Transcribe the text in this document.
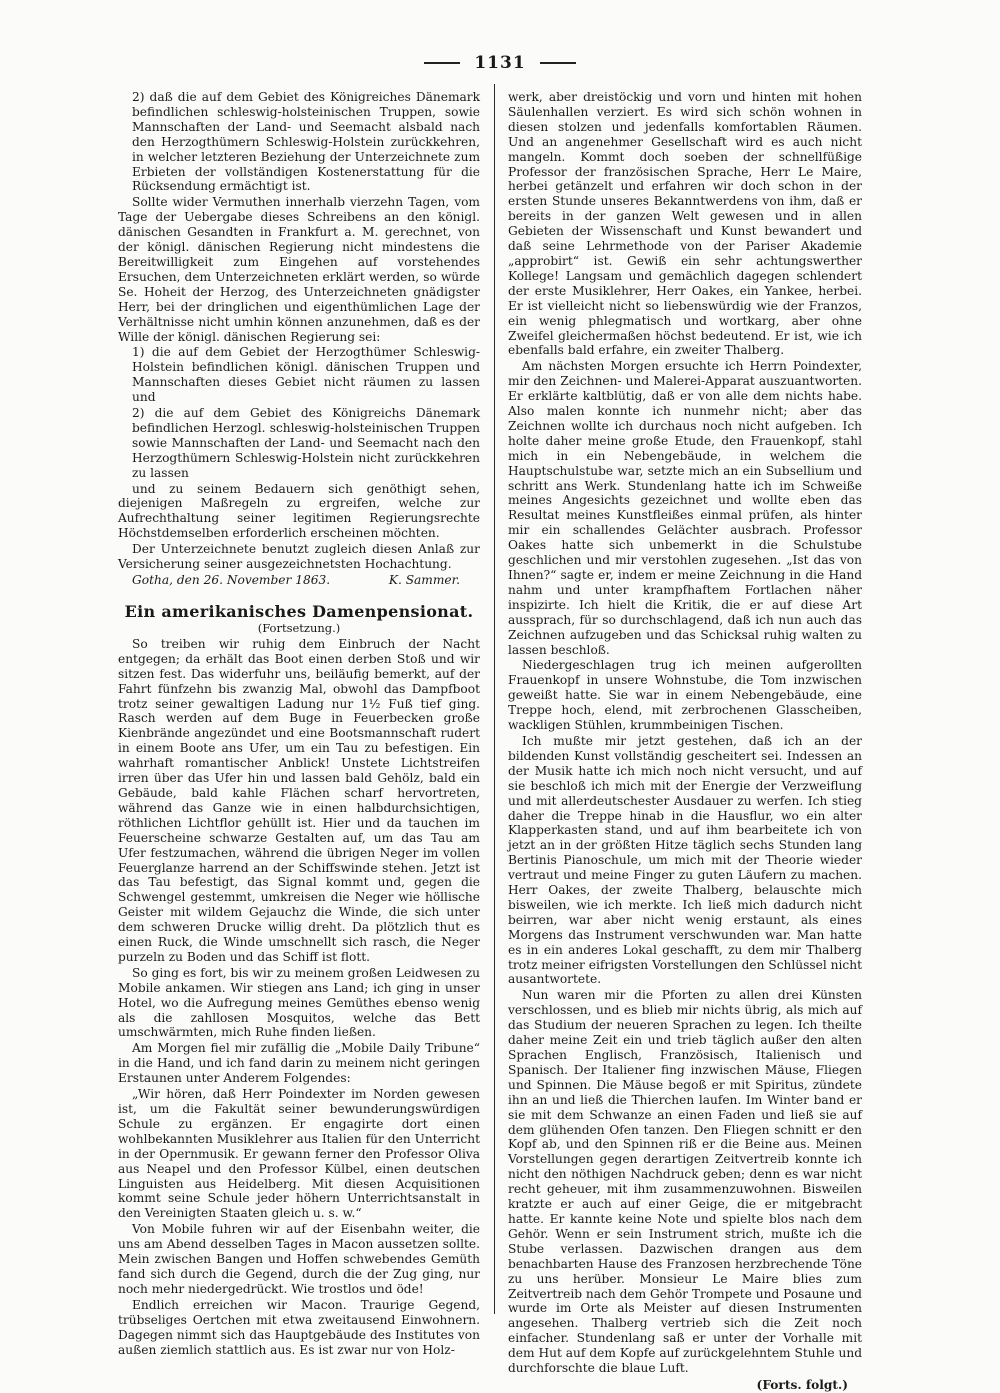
1131

2) daß die auf dem Gebiet des Königreiches Dänemark befindlichen schleswig-holsteinischen Truppen, sowie Mannschaften der Land- und Seemacht alsbald nach den Herzogthümern Schleswig-Holstein zurückkehren, in welcher letzteren Beziehung der Unterzeichnete zum Erbieten der vollständigen Kostenerstattung für die Rücksendung ermächtigt ist.

Sollte wider Vermuthen innerhalb vierzehn Tagen, vom Tage der Uebergabe dieses Schreibens an den königl. dänischen Gesandten in Frankfurt a. M. gerechnet, von der königl. dänischen Regierung nicht mindestens die Bereitwilligkeit zum Eingehen auf vorstehendes Ersuchen, dem Unterzeichneten erklärt werden, so würde Se. Hoheit der Herzog, des Unterzeichneten gnädigster Herr, bei der dringlichen und eigenthümlichen Lage der Verhältnisse nicht umhin können anzunehmen, daß es der Wille der königl. dänischen Regierung sei:

1) die auf dem Gebiet der Herzogthümer Schleswig-Holstein befindlichen königl. dänischen Truppen und Mannschaften dieses Gebiet nicht räumen zu lassen und

2) die auf dem Gebiet des Königreichs Dänemark befindlichen Herzogl. schleswig-holsteinischen Truppen sowie Mannschaften der Land- und Seemacht nach den Herzogthümern Schleswig-Holstein nicht zurückkehren zu lassen

und zu seinem Bedauern sich genöthigt sehen, diejenigen Maßregeln zu ergreifen, welche zur Aufrechthaltung seiner legitimen Regierungsrechte Höchstdemselben erforderlich erscheinen möchten.

Der Unterzeichnete benutzt zugleich diesen Anlaß zur Versicherung seiner ausgezeichnetsten Hochachtung.

Gotha, den 26. November 1863.	K. Sammer.
Ein amerikanisches Damenpensionat.
(Fortsetzung.)

So treiben wir ruhig dem Einbruch der Nacht entgegen; da erhält das Boot einen derben Stoß und wir sitzen fest. Das widerfuhr uns, beiläufig bemerkt, auf der Fahrt fünfzehn bis zwanzig Mal, obwohl das Dampfboot trotz seiner gewaltigen Ladung nur 1½ Fuß tief ging. Rasch werden auf dem Buge in Feuerbecken große Kienbrände angezündet und eine Bootsmannschaft rudert in einem Boote ans Ufer, um ein Tau zu befestigen. Ein wahrhaft romantischer Anblick! Unstete Lichtstreifen irren über das Ufer hin und lassen bald Gehölz, bald ein Gebäude, bald kahle Flächen scharf hervortreten, während das Ganze wie in einen halbdurchsichtigen, röthlichen Lichtflor gehüllt ist. Hier und da tauchen im Feuerscheine schwarze Gestalten auf, um das Tau am Ufer festzumachen, während die übrigen Neger im vollen Feuerglanze harrend an der Schiffswinde stehen. Jetzt ist das Tau befestigt, das Signal kommt und, gegen die Schwengel gestemmt, umkreisen die Neger wie höllische Geister mit wildem Gejauchz die Winde, die sich unter dem schweren Drucke willig dreht. Da plötzlich thut es einen Ruck, die Winde umschnellt sich rasch, die Neger purzeln zu Boden und das Schiff ist flott.

So ging es fort, bis wir zu meinem großen Leidwesen zu Mobile ankamen. Wir stiegen ans Land; ich ging in unser Hotel, wo die Aufregung meines Gemüthes ebenso wenig als die zahllosen Mosquitos, welche das Bett umschwärmten, mich Ruhe finden ließen.

Am Morgen fiel mir zufällig die „Mobile Daily Tribune“ in die Hand, und ich fand darin zu meinem nicht geringen Erstaunen unter Anderem Folgendes:

„Wir hören, daß Herr Poindexter im Norden gewesen ist, um die Fakultät seiner bewunderungswürdigen Schule zu ergänzen. Er engagirte dort einen wohlbekannten Musiklehrer aus Italien für den Unterricht in der Opernmusik. Er gewann ferner den Professor Oliva aus Neapel und den Professor Külbel, einen deutschen Linguisten aus Heidelberg. Mit diesen Acquisitionen kommt seine Schule jeder höhern Unterrichtsanstalt in den Vereinigten Staaten gleich u. s. w.“

Von Mobile fuhren wir auf der Eisenbahn weiter, die uns am Abend desselben Tages in Macon aussetzen sollte. Mein zwischen Bangen und Hoffen schwebendes Gemüth fand sich durch die Gegend, durch die der Zug ging, nur noch mehr niedergedrückt. Wie trostlos und öde!

Endlich erreichen wir Macon. Traurige Gegend, trübseliges Oertchen mit etwa zweitausend Einwohnern. Dagegen nimmt sich das Hauptgebäude des Institutes von außen ziemlich stattlich aus. Es ist zwar nur von Holz-

werk, aber dreistöckig und vorn und hinten mit hohen Säulenhallen verziert. Es wird sich schön wohnen in diesen stolzen und jedenfalls komfortablen Räumen. Und an angenehmer Gesellschaft wird es auch nicht mangeln. Kommt doch soeben der schnellfüßige Professor der französischen Sprache, Herr Le Maire, herbei getänzelt und erfahren wir doch schon in der ersten Stunde unseres Bekanntwerdens von ihm, daß er bereits in der ganzen Welt gewesen und in allen Gebieten der Wissenschaft und Kunst bewandert und daß seine Lehrmethode von der Pariser Akademie „approbirt“ ist. Gewiß ein sehr achtungswerther Kollege! Langsam und gemächlich dagegen schlendert der erste Musiklehrer, Herr Oakes, ein Yankee, herbei. Er ist vielleicht nicht so liebenswürdig wie der Franzos, ein wenig phlegmatisch und wortkarg, aber ohne Zweifel gleichermaßen höchst bedeutend. Er ist, wie ich ebenfalls bald erfahre, ein zweiter Thalberg.

Am nächsten Morgen ersuchte ich Herrn Poindexter, mir den Zeichnen- und Malerei-Apparat auszuantworten. Er erklärte kaltblütig, daß er von alle dem nichts habe. Also malen konnte ich nunmehr nicht; aber das Zeichnen wollte ich durchaus noch nicht aufgeben. Ich holte daher meine große Etude, den Frauenkopf, stahl mich in ein Nebengebäude, in welchem die Hauptschulstube war, setzte mich an ein Subsellium und schritt ans Werk. Stundenlang hatte ich im Schweiße meines Angesichts gezeichnet und wollte eben das Resultat meines Kunstfleißes einmal prüfen, als hinter mir ein schallendes Gelächter ausbrach. Professor Oakes hatte sich unbemerkt in die Schulstube geschlichen und mir verstohlen zugesehen. „Ist das von Ihnen?“ sagte er, indem er meine Zeichnung in die Hand nahm und unter krampfhaftem Fortlachen näher inspizirte. Ich hielt die Kritik, die er auf diese Art aussprach, für so durchschlagend, daß ich nun auch das Zeichnen aufzugeben und das Schicksal ruhig walten zu lassen beschloß.

Niedergeschlagen trug ich meinen aufgerollten Frauenkopf in unsere Wohnstube, die Tom inzwischen geweißt hatte. Sie war in einem Nebengebäude, eine Treppe hoch, elend, mit zerbrochenen Glasscheiben, wackligen Stühlen, krummbeinigen Tischen.

Ich mußte mir jetzt gestehen, daß ich an der bildenden Kunst vollständig gescheitert sei. Indessen an der Musik hatte ich mich noch nicht versucht, und auf sie beschloß ich mich mit der Energie der Verzweiflung und mit allerdeutschester Ausdauer zu werfen. Ich stieg daher die Treppe hinab in die Hausflur, wo ein alter Klapperkasten stand, und auf ihm bearbeitete ich von jetzt an in der größten Hitze täglich sechs Stunden lang Bertinis Pianoschule, um mich mit der Theorie wieder vertraut und meine Finger zu guten Läufern zu machen. Herr Oakes, der zweite Thalberg, belauschte mich bisweilen, wie ich merkte. Ich ließ mich dadurch nicht beirren, war aber nicht wenig erstaunt, als eines Morgens das Instrument verschwunden war. Man hatte es in ein anderes Lokal geschafft, zu dem mir Thalberg trotz meiner eifrigsten Vorstellungen den Schlüssel nicht ausantwortete.

Nun waren mir die Pforten zu allen drei Künsten verschlossen, und es blieb mir nichts übrig, als mich auf das Studium der neueren Sprachen zu legen. Ich theilte daher meine Zeit ein und trieb täglich außer den alten Sprachen Englisch, Französisch, Italienisch und Spanisch. Der Italiener fing inzwischen Mäuse, Fliegen und Spinnen. Die Mäuse begoß er mit Spiritus, zündete ihn an und ließ die Thierchen laufen. Im Winter band er sie mit dem Schwanze an einen Faden und ließ sie auf dem glühenden Ofen tanzen. Den Fliegen schnitt er den Kopf ab, und den Spinnen riß er die Beine aus. Meinen Vorstellungen gegen derartigen Zeitvertreib konnte ich nicht den nöthigen Nachdruck geben; denn es war nicht recht geheuer, mit ihm zusammenzuwohnen. Bisweilen kratzte er auch auf einer Geige, die er mitgebracht hatte. Er kannte keine Note und spielte blos nach dem Gehör. Wenn er sein Instrument strich, mußte ich die Stube verlassen. Dazwischen drangen aus dem benachbarten Hause des Franzosen herzbrechende Töne zu uns herüber. Monsieur Le Maire blies zum Zeitvertreib nach dem Gehör Trompete und Posaune und wurde im Orte als Meister auf diesen Instrumenten angesehen. Thalberg vertrieb sich die Zeit noch einfacher. Stundenlang saß er unter der Vorhalle mit dem Hut auf dem Kopfe auf zurückgelehntem Stuhle und durchforschte die blaue Luft.

(Forts. folgt.)
